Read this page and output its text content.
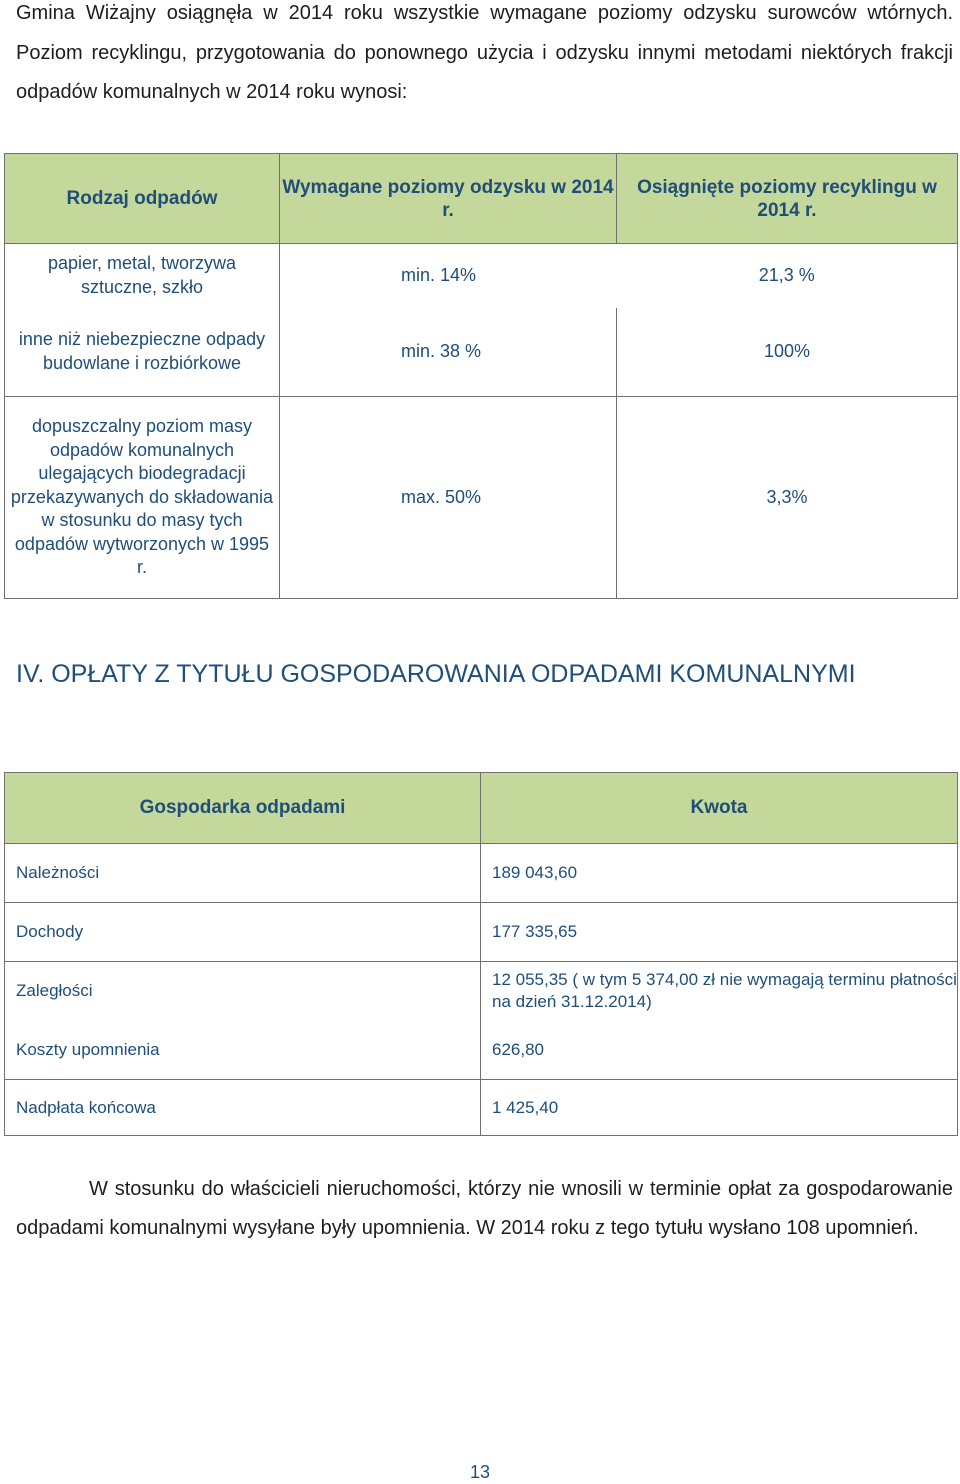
Gmina Wiżajny osiągnęła w 2014 roku wszystkie wymagane poziomy odzysku surowców wtórnych. Poziom recyklingu, przygotowania do ponownego użycia i odzysku innymi metodami niektórych frakcji odpadów komunalnych w 2014 roku wynosi:

Rodzaj odpadów	Wymagane poziomy odzysku w 2014 r.	Osiągnięte poziomy recyklingu w 2014 r.
papier, metal, tworzywa sztuczne, szkło	min. 14%	21,3 %
inne niż niebezpieczne odpady budowlane i rozbiórkowe	min. 38 %	100%
dopuszczalny poziom masy odpadów komunalnych ulegających biodegradacji przekazywanych do składowania w stosunku do masy tych odpadów wytworzonych w 1995 r.	max. 50%	3,3%
IV. OPŁATY Z TYTUŁU GOSPODAROWANIA ODPADAMI KOMUNALNYMI
Gospodarka odpadami	Kwota
Należności	189 043,60
Dochody	177 335,65
Zaległości	12 055,35 ( w tym 5 374,00 zł nie wymagają terminu płatności na dzień 31.12.2014)
Koszty upomnienia	626,80
Nadpłata końcowa	1 425,40

W stosunku do właścicieli nieruchomości, którzy nie wnosili w terminie opłat za gospodarowanie odpadami komunalnymi wysyłane były upomnienia. W 2014 roku z tego tytułu wysłano 108 upomnień.

13
